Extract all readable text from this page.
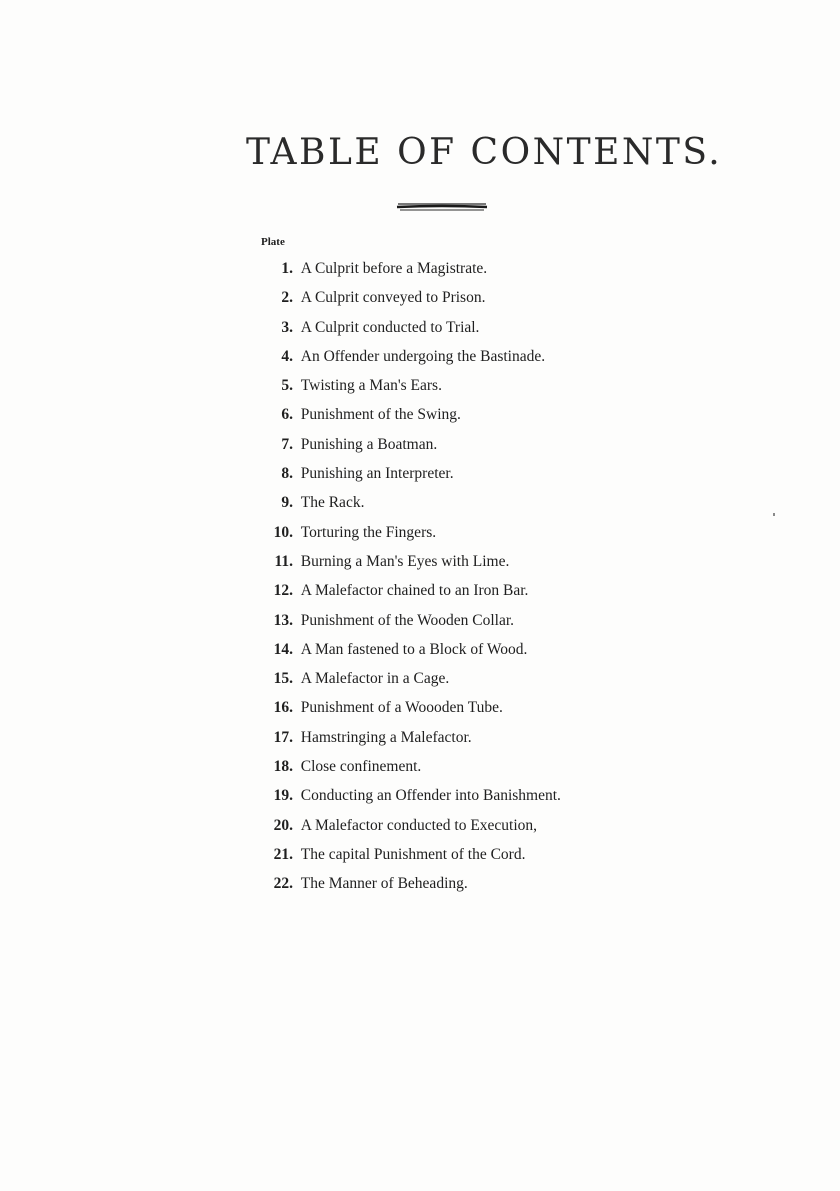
TABLE OF CONTENTS.
Plate
1. A Culprit before a Magistrate.
2. A Culprit conveyed to Prison.
3. A Culprit conducted to Trial.
4. An Offender undergoing the Bastinade.
5. Twisting a Man's Ears.
6. Punishment of the Swing.
7. Punishing a Boatman.
8. Punishing an Interpreter.
9. The Rack.
10. Torturing the Fingers.
11. Burning a Man's Eyes with Lime.
12. A Malefactor chained to an Iron Bar.
13. Punishment of the Wooden Collar.
14. A Man fastened to a Block of Wood.
15. A Malefactor in a Cage.
16. Punishment of a Woooden Tube.
17. Hamstringing a Malefactor.
18. Close confinement.
19. Conducting an Offender into Banishment.
20. A Malefactor conducted to Execution,
21. The capital Punishment of the Cord.
22. The Manner of Beheading.
